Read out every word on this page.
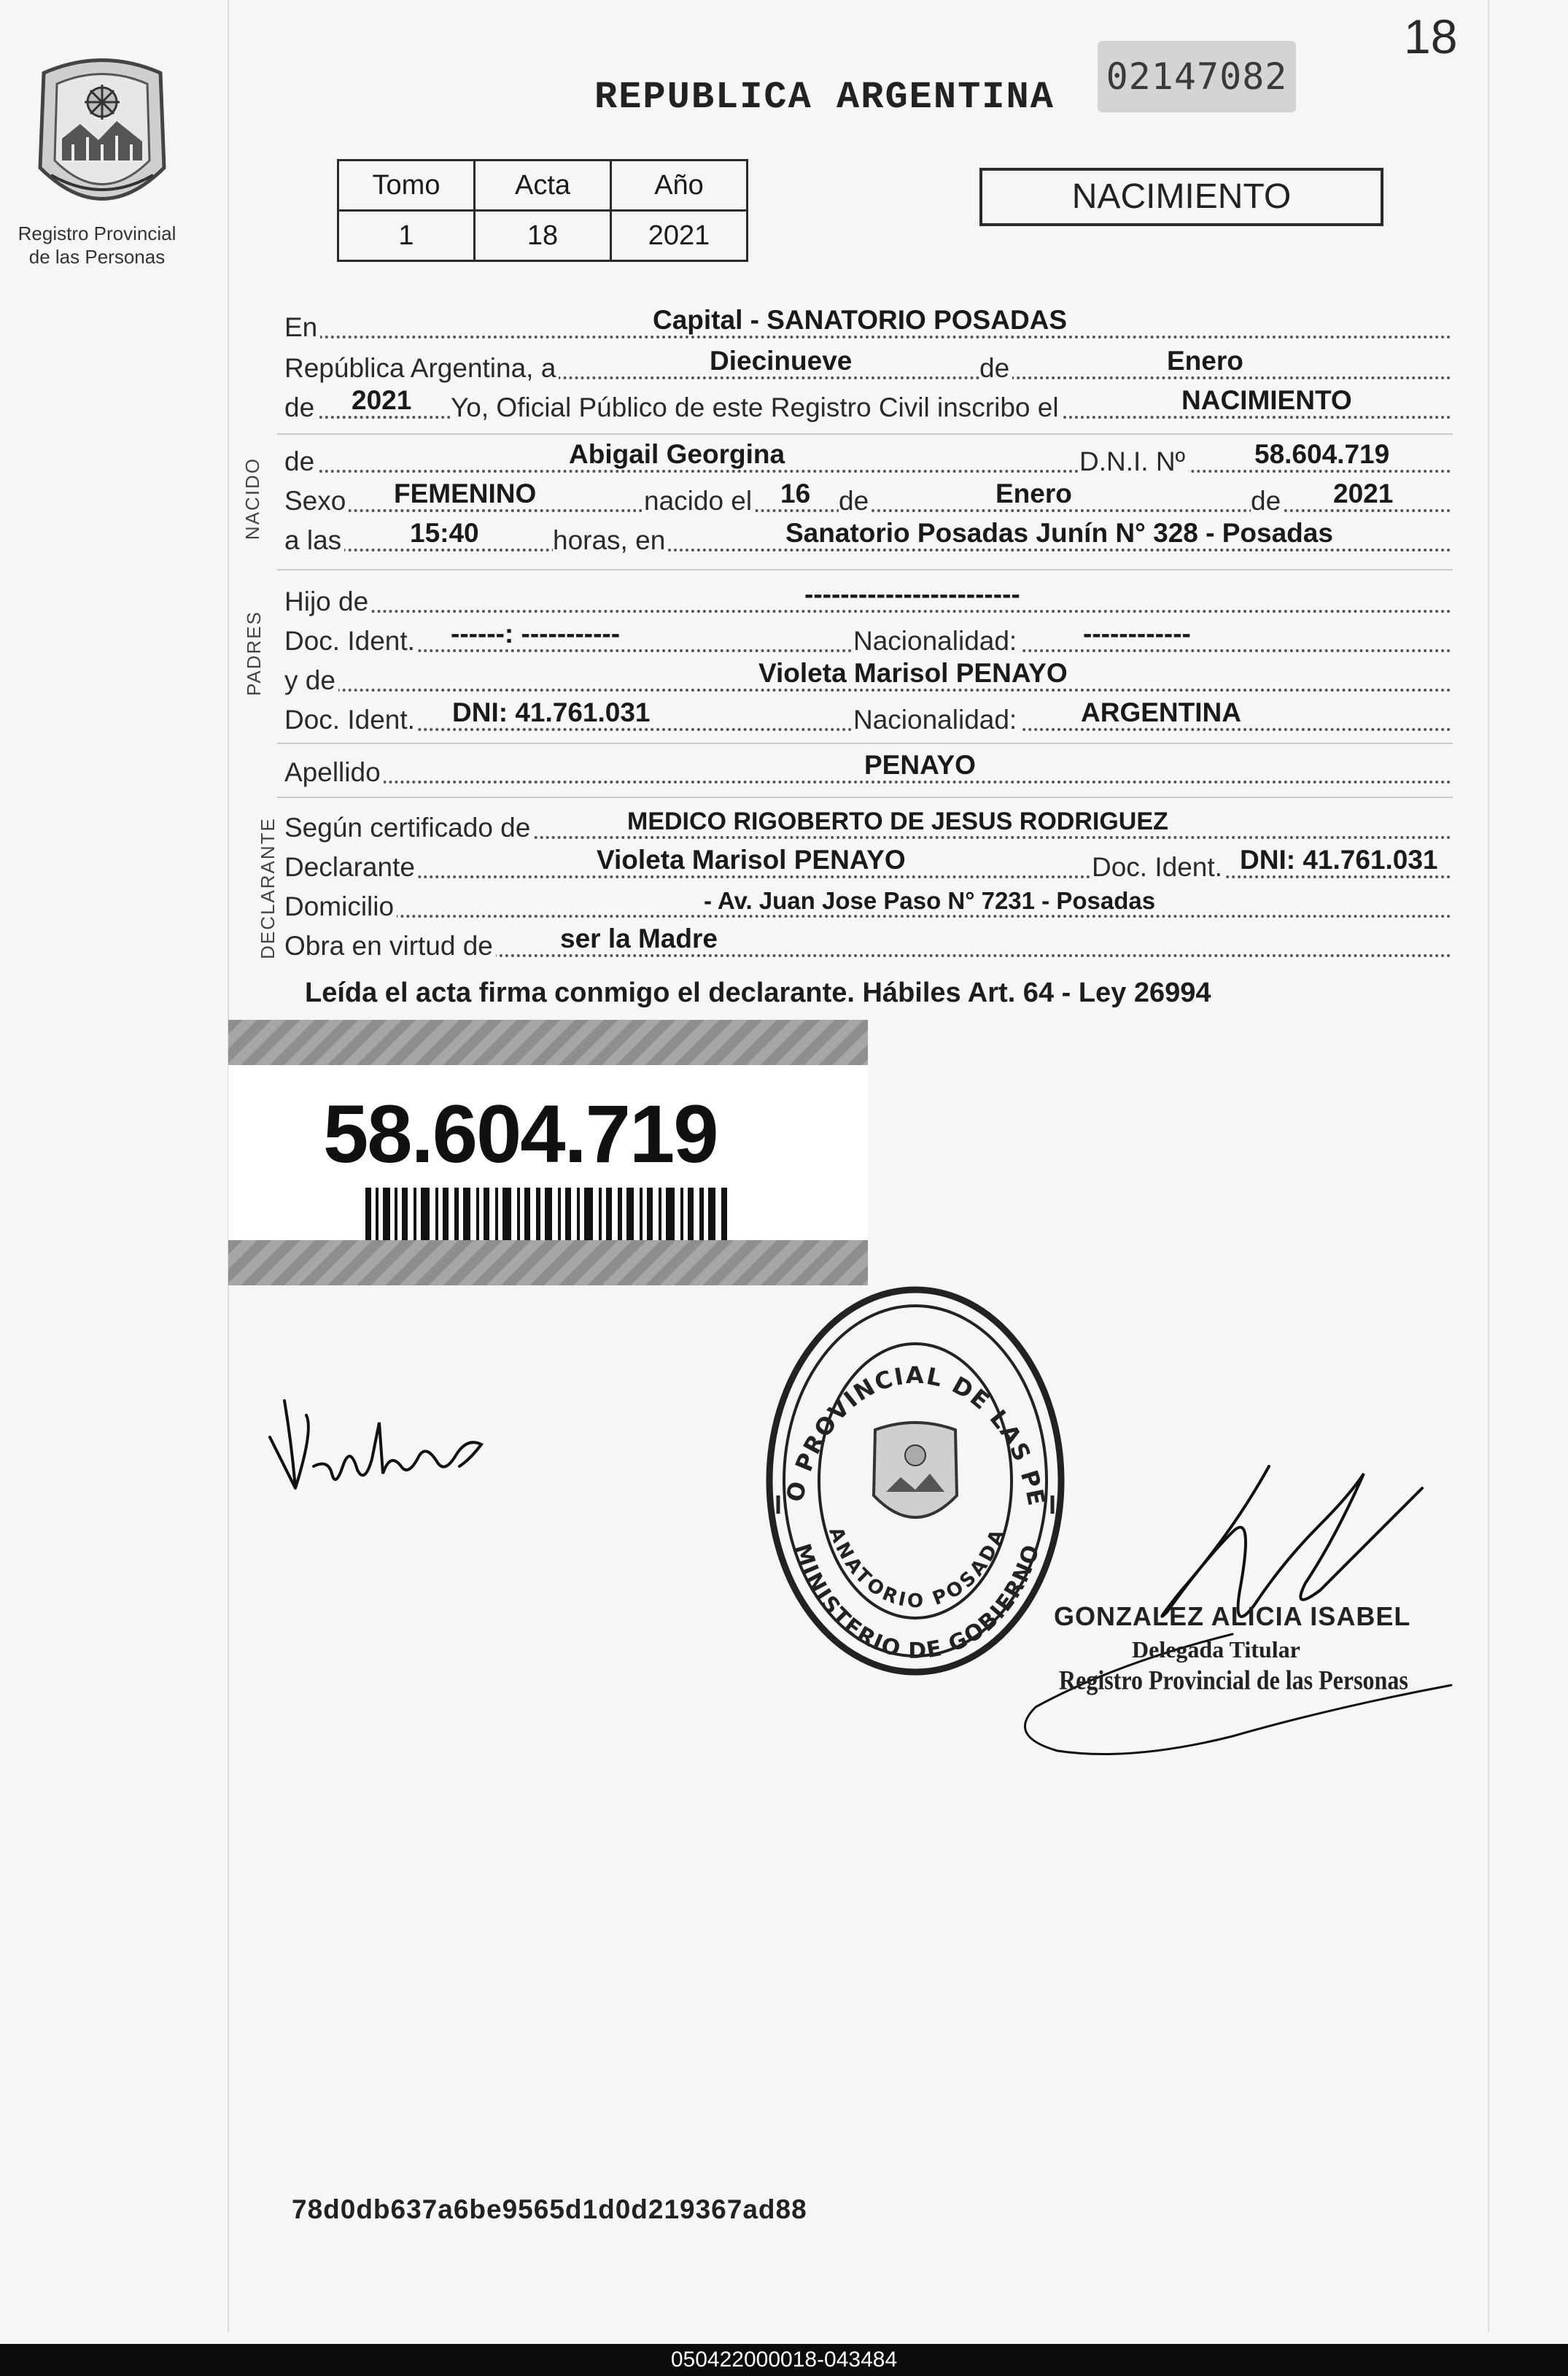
18
Registro Provincial
de las Personas
REPUBLICA ARGENTINA 02147082
Tomo	Acta	Año
1	18	2021
NACIMIENTO
En	Capital - SANATORIO POSADAS
República Argentina, a	Diecinueve	de	Enero
de 2021 Yo, Oficial Público de este Registro Civil inscribo el	NACIMIENTO
NACIDO de	Abigail Georgina	D.N.I. Nº	58.604.719
Sexo FEMENINO	nacido el 16 de	Enero	de 2021
a las	15:40	horas, en	Sanatorio Posadas Junín N° 328 - Posadas
PADRES
Hijo de	------------------------
Doc. Ident. ------: -----------	Nacionalidad: ------------
y de	Violeta Marisol PENAYO
Doc. Ident. DNI: 41.761.031	Nacionalidad: ARGENTINA
Apellido	PENAYO
DECLARANTE Según certificado de	MEDICO RIGOBERTO DE JESUS RODRIGUEZ
Declarante	Violeta Marisol PENAYO	Doc. Ident. DNI: 41.761.031
Domicilio	- Av. Juan Jose Paso N° 7231 - Posadas
Obra en virtud de ser la Madre
Leída el acta firma conmigo el declarante. Hábiles Art. 64 - Ley 26994
58.604.719
O PROVINCIAL DE LAS PE
ANATORIO POSADA
MINISTERIO DE GOBIERNO
GONZALEZ ALICIA ISABEL
Delegada Titular
Registro Provincial de las Personas
78d0db637a6be9565d1d0d219367ad88
050422000018-043484
